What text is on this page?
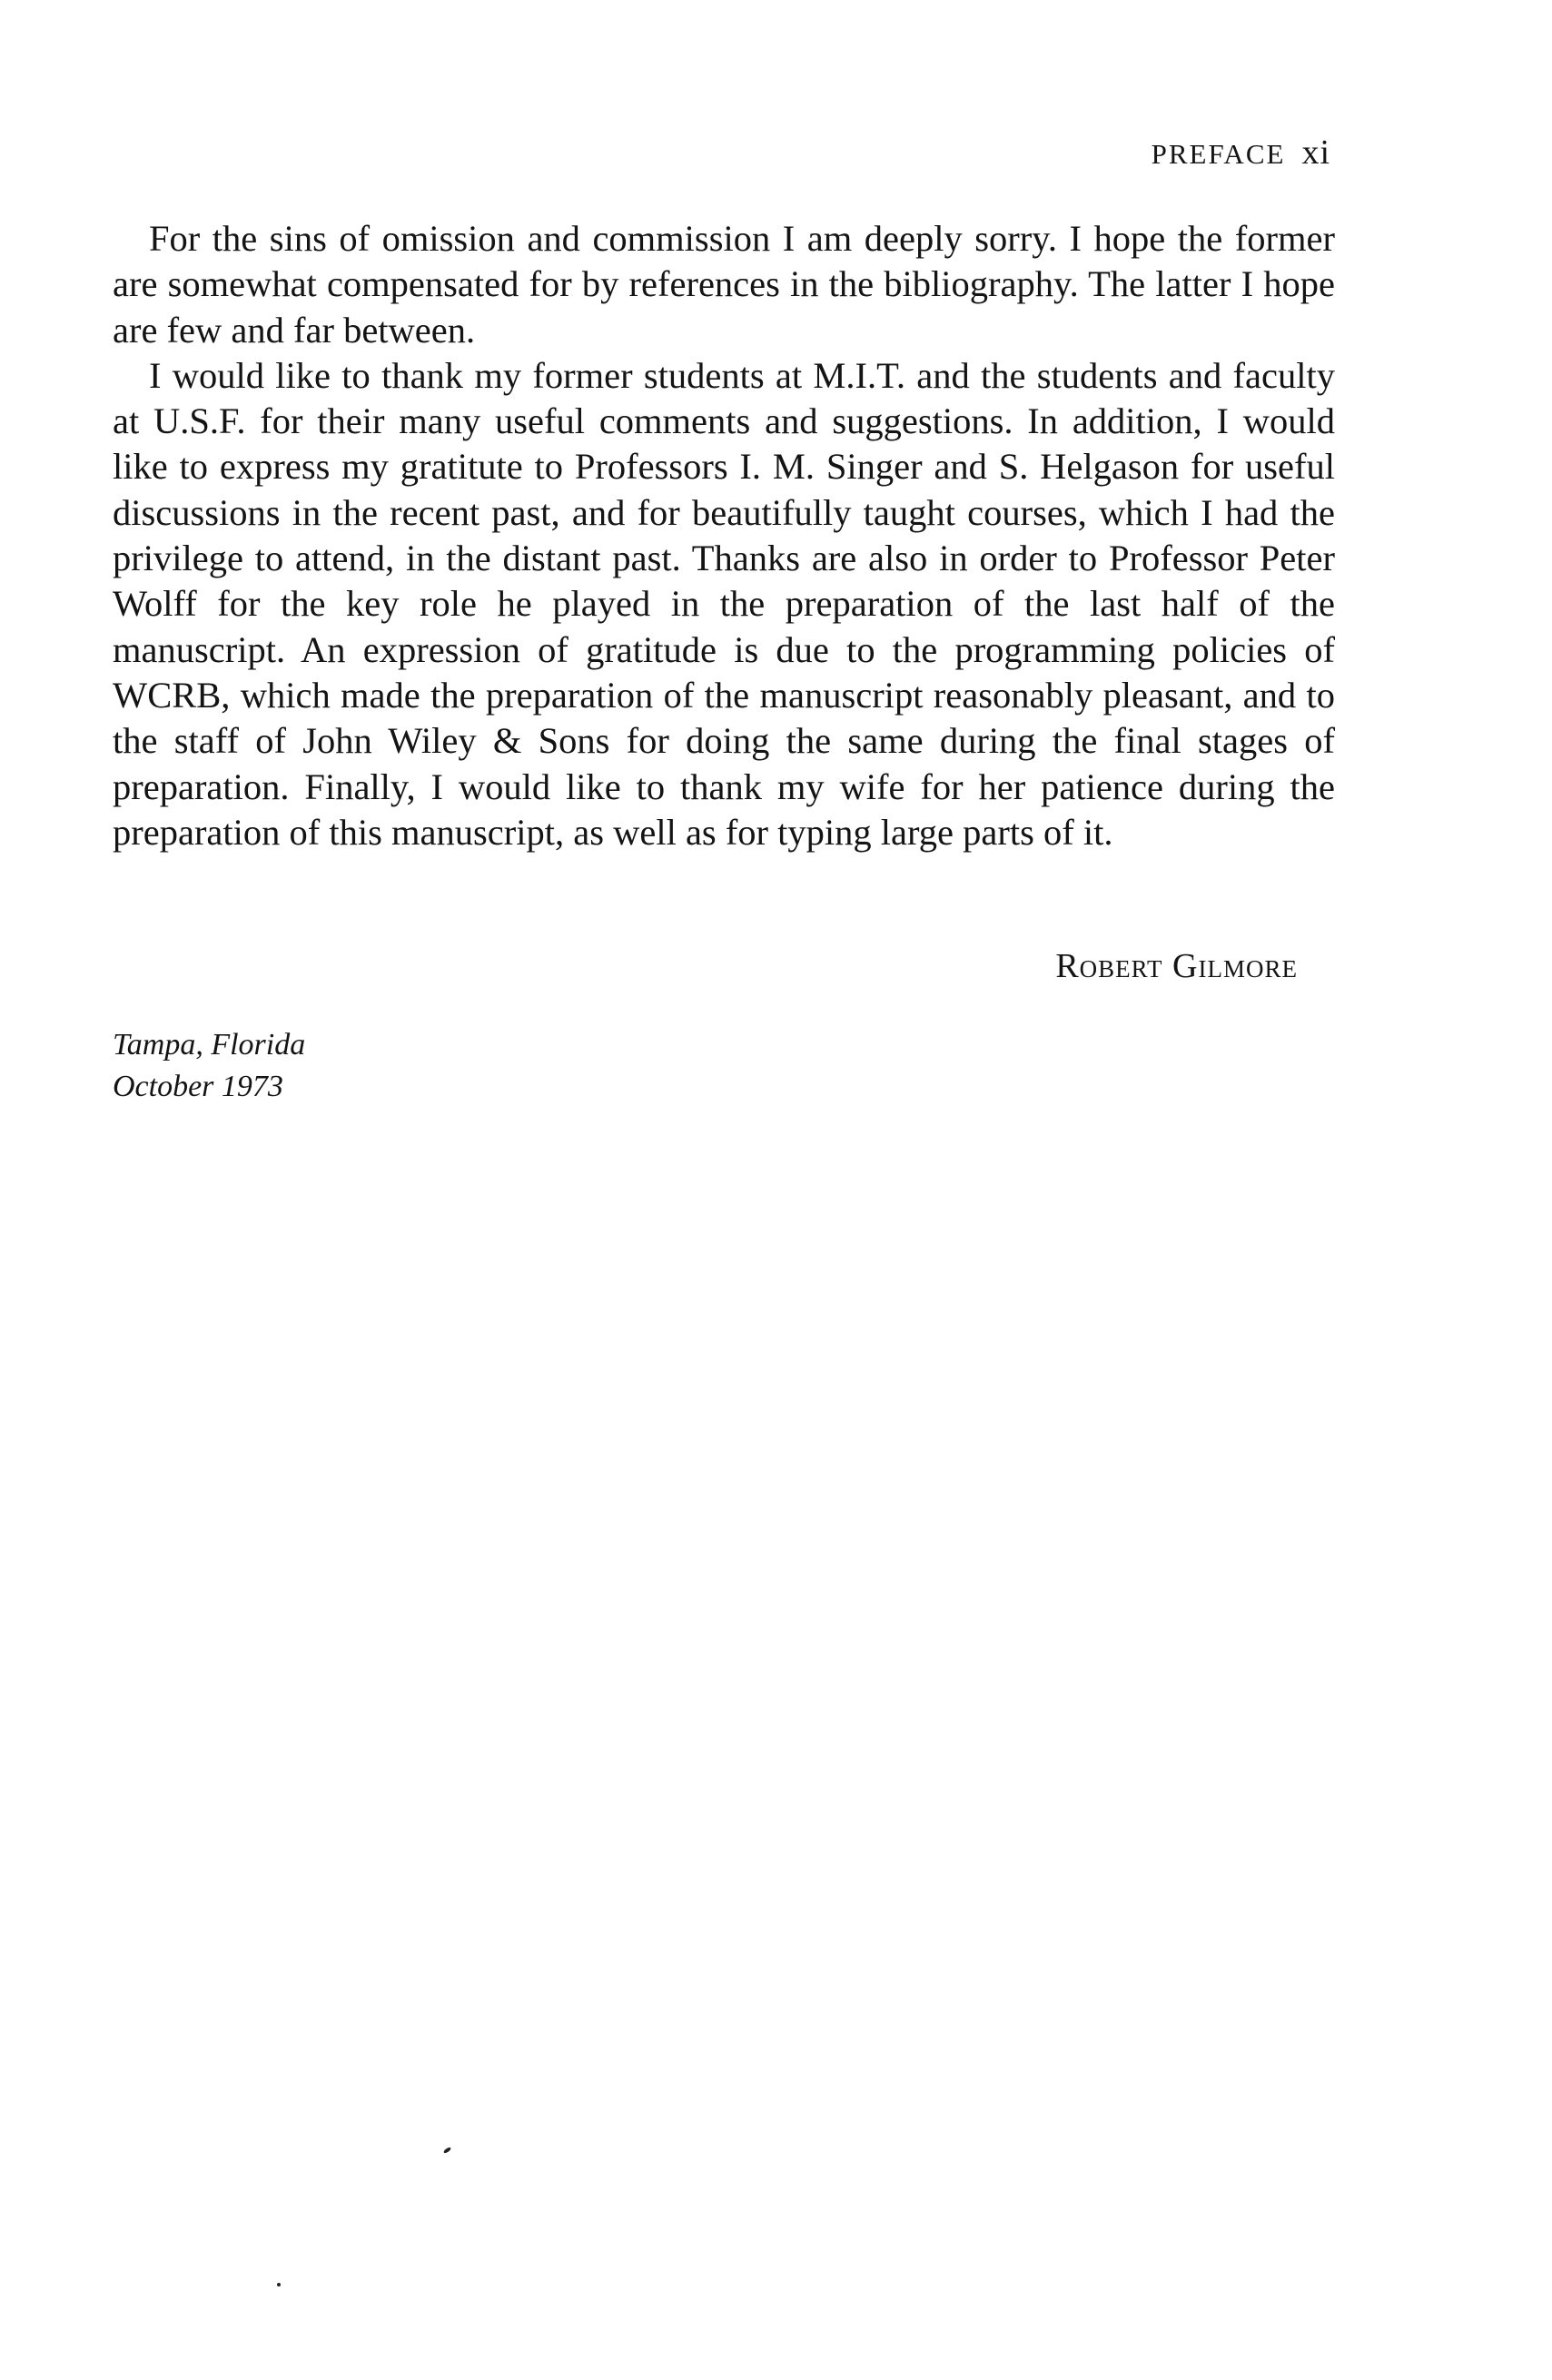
PREFACE xi

For the sins of omission and commission I am deeply sorry. I hope the former are somewhat compensated for by references in the bibliography. The latter I hope are few and far between.

I would like to thank my former students at M.I.T. and the students and faculty at U.S.F. for their many useful comments and suggestions. In addition, I would like to express my gratitute to Professors I. M. Singer and S. Helgason for useful discussions in the recent past, and for beautifully taught courses, which I had the privilege to attend, in the distant past. Thanks are also in order to Professor Peter Wolff for the key role he played in the preparation of the last half of the manuscript. An expression of gratitude is due to the programming policies of WCRB, which made the preparation of the manuscript reasonably pleasant, and to the staff of John Wiley & Sons for doing the same during the final stages of preparation. Finally, I would like to thank my wife for her patience during the preparation of this manuscript, as well as for typing large parts of it.

Robert Gilmore
Tampa, Florida
October 1973
